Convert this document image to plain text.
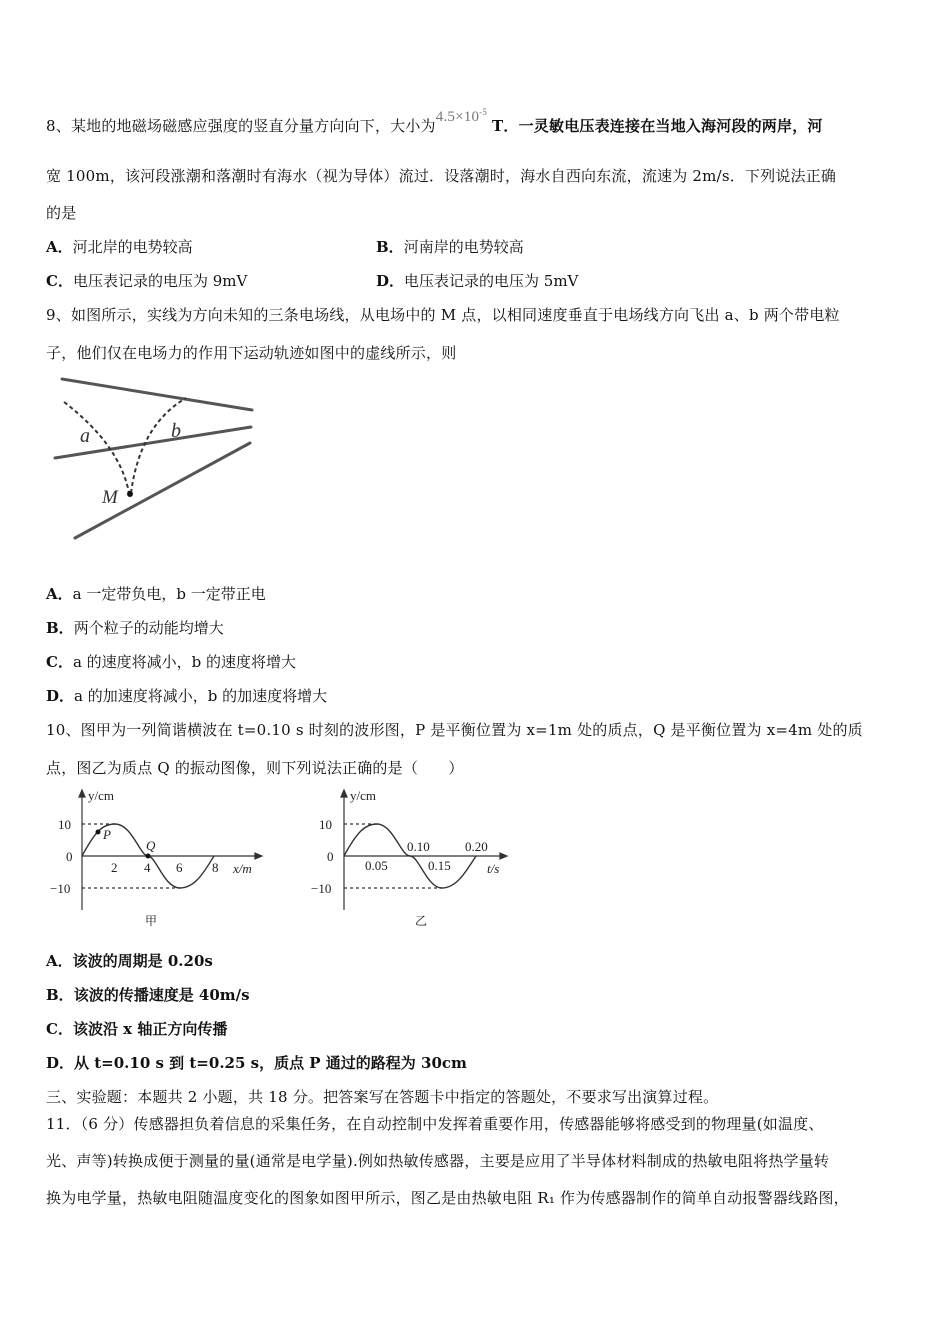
8、某地的地磁场磁感应强度的竖直分量方向向下，大小为$4.5\times 10^{-5}$ T．一灵敏电压表连接在当地入海河段的两岸，河
宽 100m，该河段涨潮和落潮时有海水（视为导体）流过．设落潮时，海水自西向东流，流速为 2m/s．下列说法正确
的是
A．河北岸的电势较高	B．河南岸的电势较高
C．电压表记录的电压为 9mV	D．电压表记录的电压为 5mV
9、如图所示，实线为方向未知的三条电场线，从电场中的 M 点，以相同速度垂直于电场线方向飞出 a、b 两个带电粒
子，他们仅在电场力的作用下运动轨迹如图中的虚线所示，则
a	b
M
A．a 一定带负电，b 一定带正电
B．两个粒子的动能均增大
C．a 的速度将减小，b 的速度将增大
D．a 的加速度将减小，b 的加速度将增大
10、图甲为一列简谐横波在 t=0.10 s 时刻的波形图，P 是平衡位置为 x=1m 处的质点，Q 是平衡位置为 x=4m 处的质
点，图乙为质点 Q 的振动图像，则下列说法正确的是（　　）
y/cm
10
0
−10
2 4 6 8 x/m
P
Q
甲
y/cm
10
0
−10
0.05	0.15
0.10	0.20
t/s
乙
A．该波的周期是 0.20s
B．该波的传播速度是 40m/s
C．该波沿 x 轴正方向传播
D．从 t=0.10 s 到 t=0.25 s，质点 P 通过的路程为 30cm
三、实验题：本题共 2 小题，共 18 分。把答案写在答题卡中指定的答题处，不要求写出演算过程。
11．（6 分）传感器担负着信息的采集任务，在自动控制中发挥着重要作用，传感器能够将感受到的物理量(如温度、
光、声等)转换成便于测量的量(通常是电学量).例如热敏传感器，主要是应用了半导体材料制成的热敏电阻将热学量转
换为电学量，热敏电阻随温度变化的图象如图甲所示，图乙是由热敏电阻 R₁ 作为传感器制作的简单自动报警器线路图，
